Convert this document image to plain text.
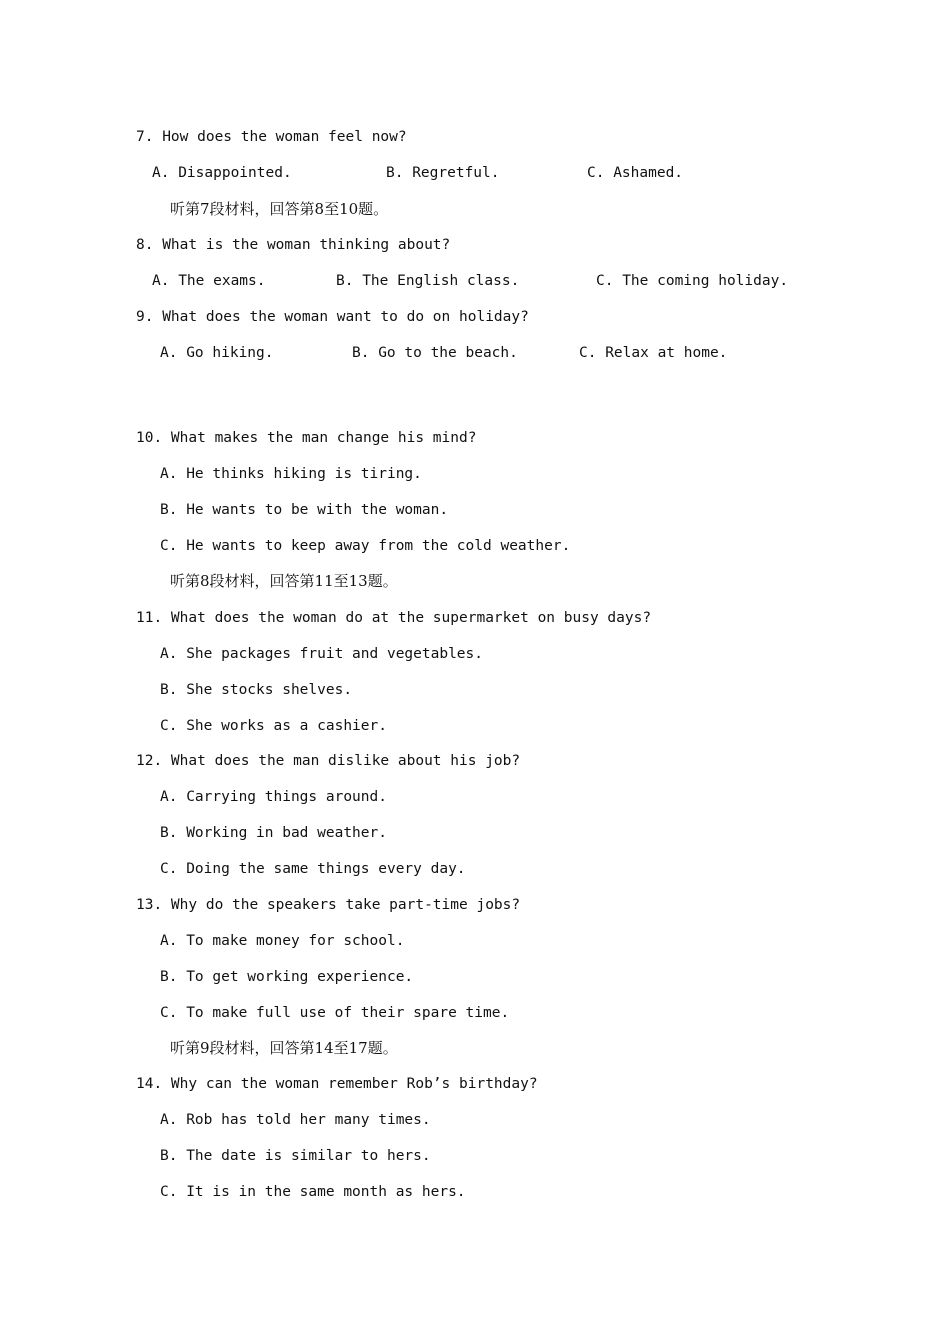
7. How does the woman feel now?
A. Disappointed.	B. Regretful.	C. Ashamed.
听第7段材料，回答第8至10题。
8. What is the woman thinking about?
A. The exams.	B. The English class.	C. The coming holiday.
9. What does the woman want to do on holiday?
A. Go hiking.	B. Go to the beach.	C. Relax at home.
10. What makes the man change his mind?
A. He thinks hiking is tiring.
B. He wants to be with the woman.
C. He wants to keep away from the cold weather.
听第8段材料，回答第11至13题。
11. What does the woman do at the supermarket on busy days?
A. She packages fruit and vegetables.
B. She stocks shelves.
C. She works as a cashier.
12. What does the man dislike about his job?
A. Carrying things around.
B. Working in bad weather.
C. Doing the same things every day.
13. Why do the speakers take part-time jobs?
A. To make money for school.
B. To get working experience.
C. To make full use of their spare time.
听第9段材料，回答第14至17题。
14. Why can the woman remember Rob’s birthday?
A. Rob has told her many times.
B. The date is similar to hers.
C. It is in the same month as hers.
